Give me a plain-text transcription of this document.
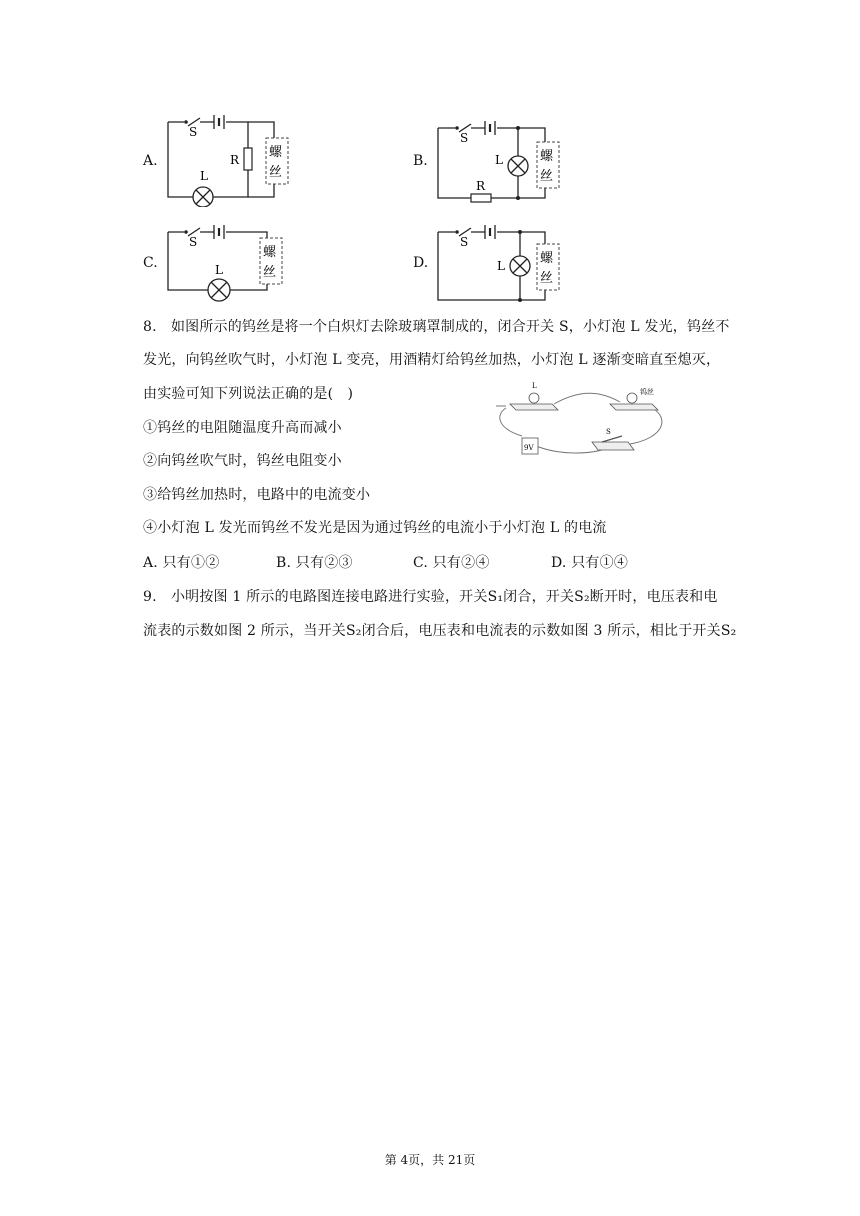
A.
S
R
L
螺
丝
B.
S
L
R
螺
丝
C.
S
L
螺
丝
D.
S
L	螺
丝
8.　如图所示的钨丝是将一个白炽灯去除玻璃罩制成的，闭合开关 S，小灯泡 L 发光，钨丝不
发光，向钨丝吹气时，小灯泡 L 变亮，用酒精灯给钨丝加热，小灯泡 L 逐渐变暗直至熄灭，
由实验可知下列说法正确的是(　)
①钨丝的电阻随温度升高而减小
②向钨丝吹气时，钨丝电阻变小
③给钨丝加热时，电路中的电流变小
④小灯泡 L 发光而钨丝不发光是因为通过钨丝的电流小于小灯泡 L 的电流
L
钨丝
9V
S
A. 只有①②	B. 只有②③	C. 只有②④	D. 只有①④
9.　小明按图 1 所示的电路图连接电路进行实验，开关S₁闭合，开关S₂断开时，电压表和电
流表的示数如图 2 所示，当开关S₂闭合后，电压表和电流表的示数如图 3 所示，相比于开关S₂
第 4页，共 21页
